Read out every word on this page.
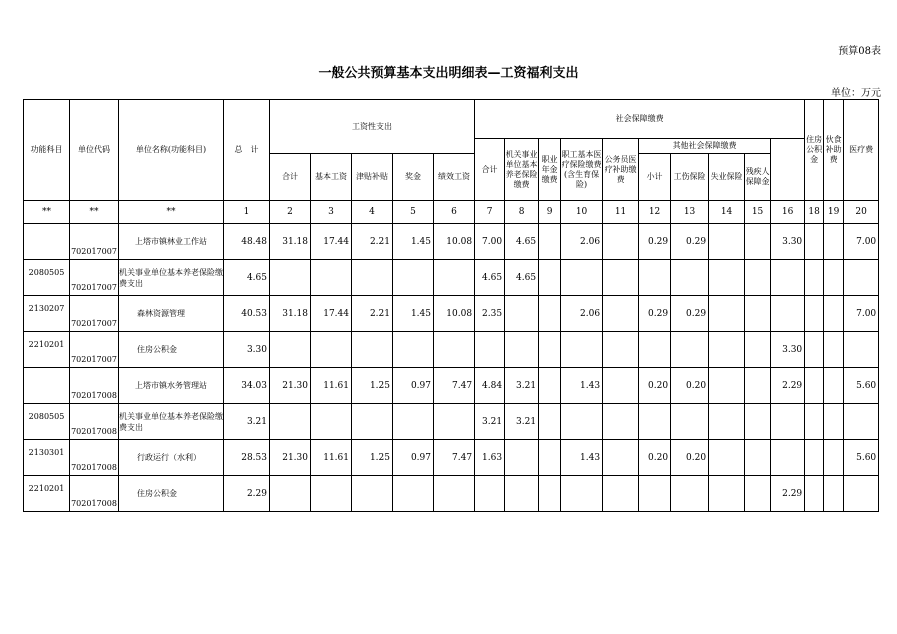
预算08表
一般公共预算基本支出明细表—工资福利支出
单位：万元
功能科目	单位代码	单位名称(功能科目)	总　计	工资性支出					社会保障缴费										住房公积金	伙食补助费	医疗费	
									合计	机关事业单位基本养老保险缴费	职业年金缴费	职工基本医疗保险缴费(含生育保险)	公务员医疗补助缴费	其他社会保障缴费								
				合计	基本工资	津贴补贴	奖金	绩效工资						小计	工伤保险	失业保险	残疾人保障金					
**	**	**	1	2	3	4	5	6	7	8	9	10	11	12	13	14	15	16	18	19	20	
	702017007	上塔市镇林业工作站	48.48	31.18	17.44	2.21	1.45	10.08	7.00	4.65		2.06		0.29	0.29			3.30			7.00	
2080505	702017007	机关事业单位基本养老保险缴费支出	4.65						4.65	4.65												
2130207	702017007	森林资源管理	40.53	31.18	17.44	2.21	1.45	10.08	2.35			2.06		0.29	0.29						7.00	
2210201	702017007	住房公积金	3.30															3.30				
	702017008	上塔市镇水务管理站	34.03	21.30	11.61	1.25	0.97	7.47	4.84	3.21		1.43		0.20	0.20			2.29			5.60	
2080505	702017008	机关事业单位基本养老保险缴费支出	3.21						3.21	3.21												
2130301	702017008	行政运行（水利）	28.53	21.30	11.61	1.25	0.97	7.47	1.63			1.43		0.20	0.20						5.60	
2210201	702017008	住房公积金	2.29															2.29				
